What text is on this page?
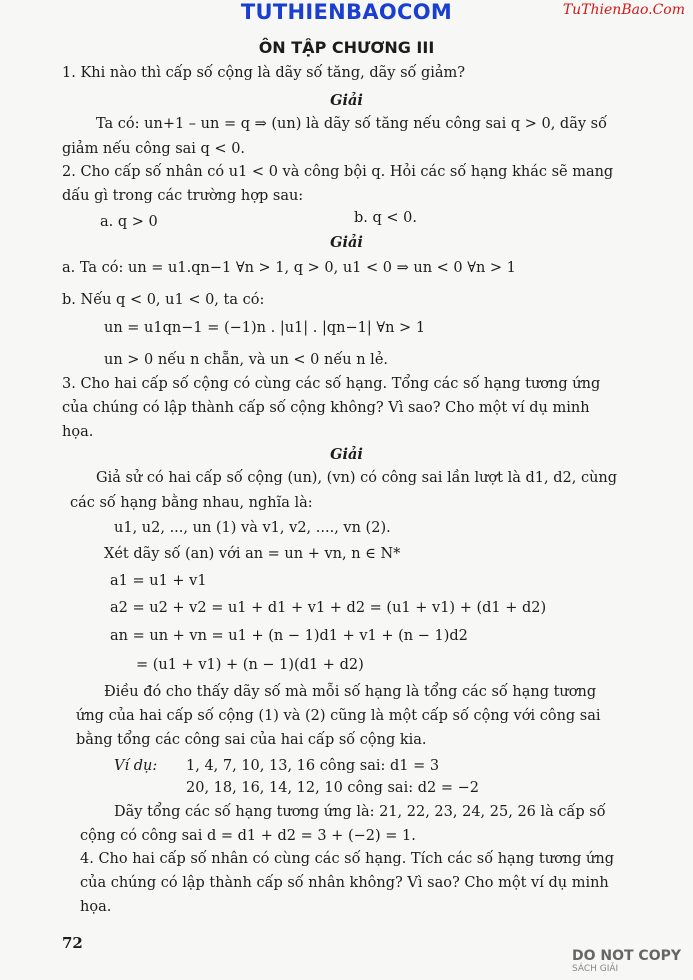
TUTHIENBAOCOM	TuThienBao.Com
ÔN TẬP CHƯƠNG III
1. Khi nào thì cấp số cộng là dãy số tăng, dãy số giảm?
Giải
Ta có: un+1 – un = q ⇒ (un) là dãy số tăng nếu công sai q > 0, dãy số
giảm nếu công sai q < 0.
2. Cho cấp số nhân có u1 < 0 và công bội q. Hỏi các số hạng khác sẽ mang
dấu gì trong các trường hợp sau:
a. q > 0	b. q < 0.
Giải
a. Ta có: un = u1.qn−1 ∀n > 1, q > 0, u1 < 0 ⇒ un < 0 ∀n > 1
b. Nếu q < 0, u1 < 0, ta có:
un = u1qn−1 = (−1)n . |u1| . |qn−1| ∀n > 1
un > 0 nếu n chẵn, và un < 0 nếu n lẻ.
3. Cho hai cấp số cộng có cùng các số hạng. Tổng các số hạng tương ứng
của chúng có lập thành cấp số cộng không? Vì sao? Cho một ví dụ minh
họa.
Giải
Giả sử có hai cấp số cộng (un), (vn) có công sai lần lượt là d1, d2, cùng
các số hạng bằng nhau, nghĩa là:
u1, u2, ..., un (1) và v1, v2, ...., vn (2).
Xét dãy số (an) với an = un + vn, n ∈ N*
a1 = u1 + v1
a2 = u2 + v2 = u1 + d1 + v1 + d2 = (u1 + v1) + (d1 + d2)
an = un + vn = u1 + (n − 1)d1 + v1 + (n − 1)d2
= (u1 + v1) + (n − 1)(d1 + d2)
Điều đó cho thấy dãy số mà mỗi số hạng là tổng các số hạng tương
ứng của hai cấp số cộng (1) và (2) cũng là một cấp số cộng với công sai
bằng tổng các công sai của hai cấp số cộng kia.
Ví dụ: 1, 4, 7, 10, 13, 16 công sai: d1 = 3
20, 18, 16, 14, 12, 10 công sai: d2 = −2
Dãy tổng các số hạng tương ứng là: 21, 22, 23, 24, 25, 26 là cấp số
cộng có công sai d = d1 + d2 = 3 + (−2) = 1.
4. Cho hai cấp số nhân có cùng các số hạng. Tích các số hạng tương ứng
của chúng có lập thành cấp số nhân không? Vì sao? Cho một ví dụ minh
họa.
72
DO NOT COPY
SÁCH GIẢI
